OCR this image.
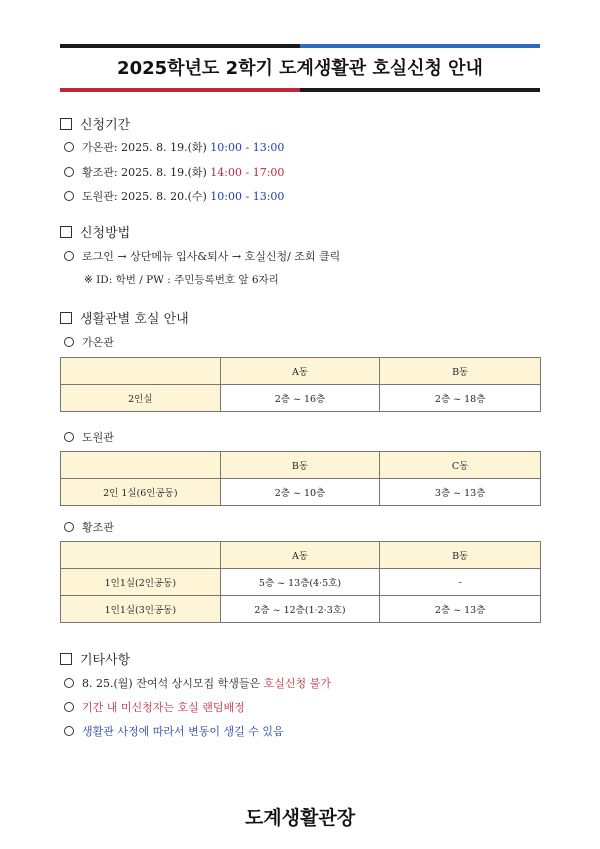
2025학년도 2학기 도계생활관 호실신청 안내
신청기간
가온관: 2025. 8. 19.(화) 10:00 - 13:00
황조관: 2025. 8. 19.(화) 14:00 - 17:00
도원관: 2025. 8. 20.(수) 10:00 - 13:00
신청방법
로그인 → 상단메뉴 입사&퇴사 → 호실신청/ 조회 클릭
※ ID: 학번 / PW : 주민등록번호 앞 6자리
생활관별 호실 안내
가온관
	A동	B동
2인실	2층 ~ 16층	2층 ~ 18층
도원관
	B동	C동
2인 1실(6인공동)	2층 ~ 10층	3층 ~ 13층
황조관
	A동	B동
1인1실(2인공동)	5층 ~ 13층(4·5호)	-
1인1실(3인공동)	2층 ~ 12층(1·2·3호)	2층 ~ 13층
기타사항
8. 25.(월) 잔여석 상시모집 학생들은 호실신청 불가
기간 내 미신청자는 호실 랜덤배정
생활관 사정에 따라서 변동이 생길 수 있음
도계생활관장
